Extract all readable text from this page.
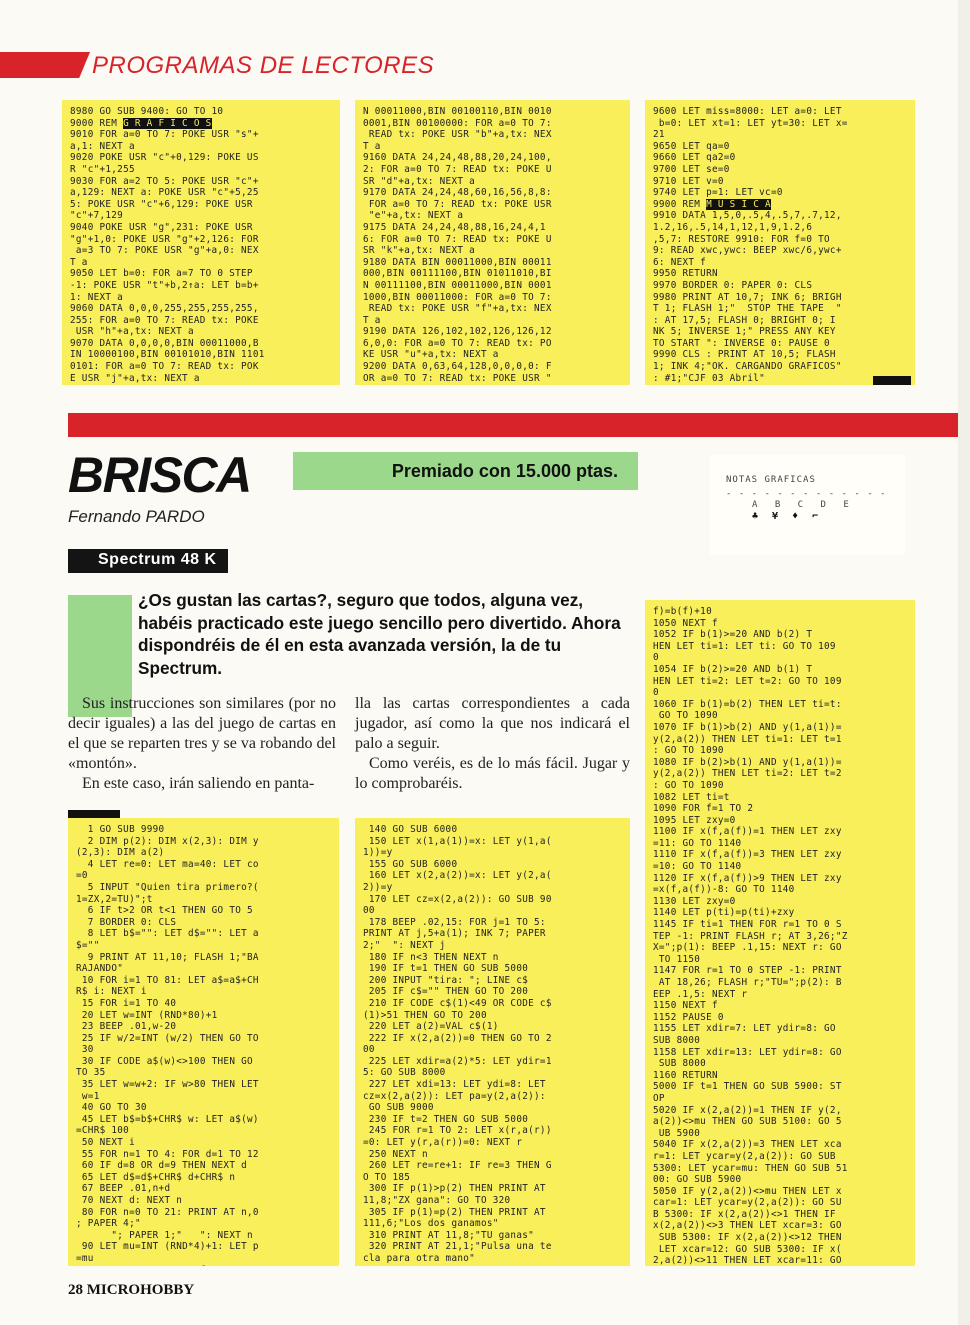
PROGRAMAS DE LECTORES
8980 GO SUB 9400: GO TO 10
9000 REM G R A F I C O S
9010 FOR a=0 TO 7: POKE USR "s"+
a,1: NEXT a
9020 POKE USR "c"+0,129: POKE US
R "c"+1,255
9030 FOR a=2 TO 5: POKE USR "c"+
a,129: NEXT a: POKE USR "c"+5,25
5: POKE USR "c"+6,129: POKE USR
"c"+7,129
9040 POKE USR "g",231: POKE USR
"g"+1,0: POKE USR "g"+2,126: FOR
a=3 TO 7: POKE USR "g"+a,0: NEX
T a
9050 LET b=0: FOR a=7 TO 0 STEP
-1: POKE USR "t"+b,2↑a: LET b=b+
1: NEXT a
9060 DATA 0,0,0,255,255,255,255,
255: FOR a=0 TO 7: READ tx: POKE
USR "h"+a,tx: NEXT a
9070 DATA 0,0,0,0,BIN 00011000,B
IN 10000100,BIN 00101010,BIN 1101
0101: FOR a=0 TO 7: READ tx: POK
E USR "j"+a,tx: NEXT a
N 00011000,BIN 00100110,BIN 0010
0001,BIN 00100000: FOR a=0 TO 7:
READ tx: POKE USR "b"+a,tx: NEX
T a
9160 DATA 24,24,48,88,20,24,100,
2: FOR a=0 TO 7: READ tx: POKE U
SR "d"+a,tx: NEXT a
9170 DATA 24,24,48,60,16,56,8,8:
FOR a=0 TO 7: READ tx: POKE USR
"e"+a,tx: NEXT a
9175 DATA 24,24,48,88,16,24,4,1
6: FOR a=0 TO 7: READ tx: POKE U
SR "k"+a,tx: NEXT a
9180 DATA BIN 00011000,BIN 00011
000,BIN 00111100,BIN 01011010,BI
N 00111100,BIN 00011000,BIN 0001
1000,BIN 00011000: FOR a=0 TO 7:
READ tx: POKE USR "f"+a,tx: NEX
T a
9190 DATA 126,102,102,126,126,12
6,0,0: FOR a=0 TO 7: READ tx: PO
KE USR "u"+a,tx: NEXT a
9200 DATA 0,63,64,128,0,0,0,0: F
OR a=0 TO 7: READ tx: POKE USR "
9600 LET miss=8000: LET a=0: LET
b=0: LET xt=1: LET yt=30: LET x=
21
9650 LET qa=0
9660 LET qa2=0
9700 LET se=0
9710 LET v=0
9740 LET p=1: LET vc=0
9900 REM M U S I C A
9910 DATA 1,5,0,.5,4,.5,7,.7,12,
1.2,16,.5,14,1,12,1,9,1.2,6
,5,7: RESTORE 9910: FOR f=0 TO
9: READ xwc,ywc: BEEP xwc/6,ywc+
6: NEXT f
9950 RETURN
9970 BORDER 0: PAPER 0: CLS
9980 PRINT AT 10,7; INK 6; BRIGH
T 1; FLASH 1;"  STOP THE TAPE  "
: AT 17,5; FLASH 0; BRIGHT 0; I
NK 5; INVERSE 1;" PRESS ANY KEY
TO START ": INVERSE 0: PAUSE 0
9990 CLS : PRINT AT 10,5; FLASH
1; INK 4;"OK. CARGANDO GRAFICOS"
: #1;"CJF 03 Abril"
BRISCA
Fernando PARDO
Premiado con 15.000 ptas.	NOTAS GRAFICAS
- - - - - - - - - - - - -
A B C D E
♣ ¥ ♦ ⌐
Spectrum 48 K
¿Os gustan las cartas?, seguro que todos, alguna vez, habéis practicado este juego sencillo pero divertido. Ahora dispondréis de él en esta avanzada versión, la de tu Spectrum.

Sus instrucciones son similares (por no decir iguales) a las del juego de cartas en el que se reparten tres y se va robando del «montón».

En este caso, irán saliendo en panta-

lla las cartas correspondientes a cada jugador, así como la que nos indicará el palo a seguir.

Como veréis, es de lo más fácil. Jugar y lo comprobaréis.

1 GO SUB 9990
2 DIM p(2): DIM x(2,3): DIM y
(2,3): DIM a(2)
4 LET re=0: LET ma=40: LET co
=0
5 INPUT "Quien tira primero?(
1=ZX,2=TU)";t
6 IF t>2 OR t<1 THEN GO TO 5
7 BORDER 0: CLS
8 LET b$="": LET d$="": LET a
$=""
9 PRINT AT 11,10; FLASH 1;"BA
RAJANDO"
10 FOR i=1 TO 81: LET a$=a$+CH
R$ i: NEXT i
15 FOR i=1 TO 40
20 LET w=INT (RND*80)+1
23 BEEP .01,w-20
25 IF w/2=INT (w/2) THEN GO TO
30
30 IF CODE a$(w)<>100 THEN GO
TO 35
35 LET w=w+2: IF w>80 THEN LET
w=1
40 GO TO 30
45 LET b$=b$+CHR$ w: LET a$(w)
=CHR$ 100
50 NEXT i
55 FOR n=1 TO 4: FOR d=1 TO 12
60 IF d=8 OR d=9 THEN NEXT d
65 LET d$=d$+CHR$ d+CHR$ n
67 BEEP .01,n+d
70 NEXT d: NEXT n
80 FOR n=0 TO 21: PRINT AT n,0
; PAPER 4;"
"; PAPER 1;"   ": NEXT n
90 LET mu=INT (RND*4)+1: LET p
=mu
140 GO SUB 6000
150 LET x(1,a(1))=x: LET y(1,a(
1))=y
155 GO SUB 6000
160 LET x(2,a(2))=x: LET y(2,a(
2))=y
170 LET cz=x(2,a(2)): GO SUB 90
00
178 BEEP .02,15: FOR j=1 TO 5:
PRINT AT j,5+a(1); INK 7; PAPER
2;"  ": NEXT j
180 IF n<3 THEN NEXT n
190 IF t=1 THEN GO SUB 5000
200 INPUT "tira: "; LINE c$
205 IF c$="" THEN GO TO 200
210 IF CODE c$(1)<49 OR CODE c$
(1)>51 THEN GO TO 200
220 LET a(2)=VAL c$(1)
222 IF x(2,a(2))=0 THEN GO TO 2
00
225 LET xdir=a(2)*5: LET ydir=1
5: GO SUB 8000
227 LET xdi=13: LET ydi=8: LET
cz=x(2,a(2)): LET pa=y(2,a(2)):
GO SUB 9000
230 IF t=2 THEN GO SUB 5000
245 FOR r=1 TO 2: LET x(r,a(r))
=0: LET y(r,a(r))=0: NEXT r
250 NEXT n
260 LET re=re+1: IF re=3 THEN G
O TO 185
300 IF p(1)>p(2) THEN PRINT AT
11,8;"ZX gana": GO TO 320
305 IF p(1)=p(2) THEN PRINT AT
111,6;"Los dos ganamos"
310 PRINT AT 11,8;"TU ganas"
320 PRINT AT 21,1;"Pulsa una te
cla para otra mano"
f)=b(f)+10
1050 NEXT f
1052 IF b(1)>=20 AND b(2) T
HEN LET ti=1: LET ti: GO TO 109
0
1054 IF b(2)>=20 AND b(1) T
HEN LET ti=2: LET t=2: GO TO 109
0
1060 IF b(1)=b(2) THEN LET ti=t:
GO TO 1090
1070 IF b(1)>b(2) AND y(1,a(1))=
y(2,a(2)) THEN LET ti=1: LET t=1
: GO TO 1090
1080 IF b(2)>b(1) AND y(1,a(1))=
y(2,a(2)) THEN LET ti=2: LET t=2
: GO TO 1090
1082 LET ti=t
1090 FOR f=1 TO 2
1095 LET zxy=0
1100 IF x(f,a(f))=1 THEN LET zxy
=11: GO TO 1140
1110 IF x(f,a(f))=3 THEN LET zxy
=10: GO TO 1140
1120 IF x(f,a(f))>9 THEN LET zxy
=x(f,a(f))-8: GO TO 1140
1130 LET zxy=0
1140 LET p(ti)=p(ti)+zxy
1145 IF ti=1 THEN FOR r=1 TO 0 S
TEP -1: PRINT FLASH r; AT 3,26;"Z
X=";p(1): BEEP .1,15: NEXT r: GO
TO 1150
1147 FOR r=1 TO 0 STEP -1: PRINT
AT 18,26; FLASH r;"TU=";p(2): B
EEP .1,5: NEXT r
1150 NEXT f
1152 PAUSE 0
1155 LET xdir=7: LET ydir=8: GO
SUB 8000
1158 LET xdir=13: LET ydir=8: GO
SUB 8000
1160 RETURN
5000 IF t=1 THEN GO SUB 5900: ST
OP
5020 IF x(2,a(2))=1 THEN IF y(2,
a(2))<>mu THEN GO SUB 5100: GO 5
UB 5900
5040 IF x(2,a(2))=3 THEN LET xca
r=1: LET ycar=y(2,a(2)): GO SUB
5300: LET ycar=mu: THEN GO SUB 51
00: GO SUB 5900
5050 IF y(2,a(2))<>mu THEN LET x
car=1: LET ycar=y(2,a(2)): GO SU
B 5300: IF x(2,a(2))<>1 THEN IF
x(2,a(2))<>3 THEN LET xcar=3: GO
SUB 5300: IF x(2,a(2))<>12 THEN
LET xcar=12: GO SUB 5300: IF x(
2,a(2))<>11 THEN LET xcar=11: GO
28 MICROHOBBY
